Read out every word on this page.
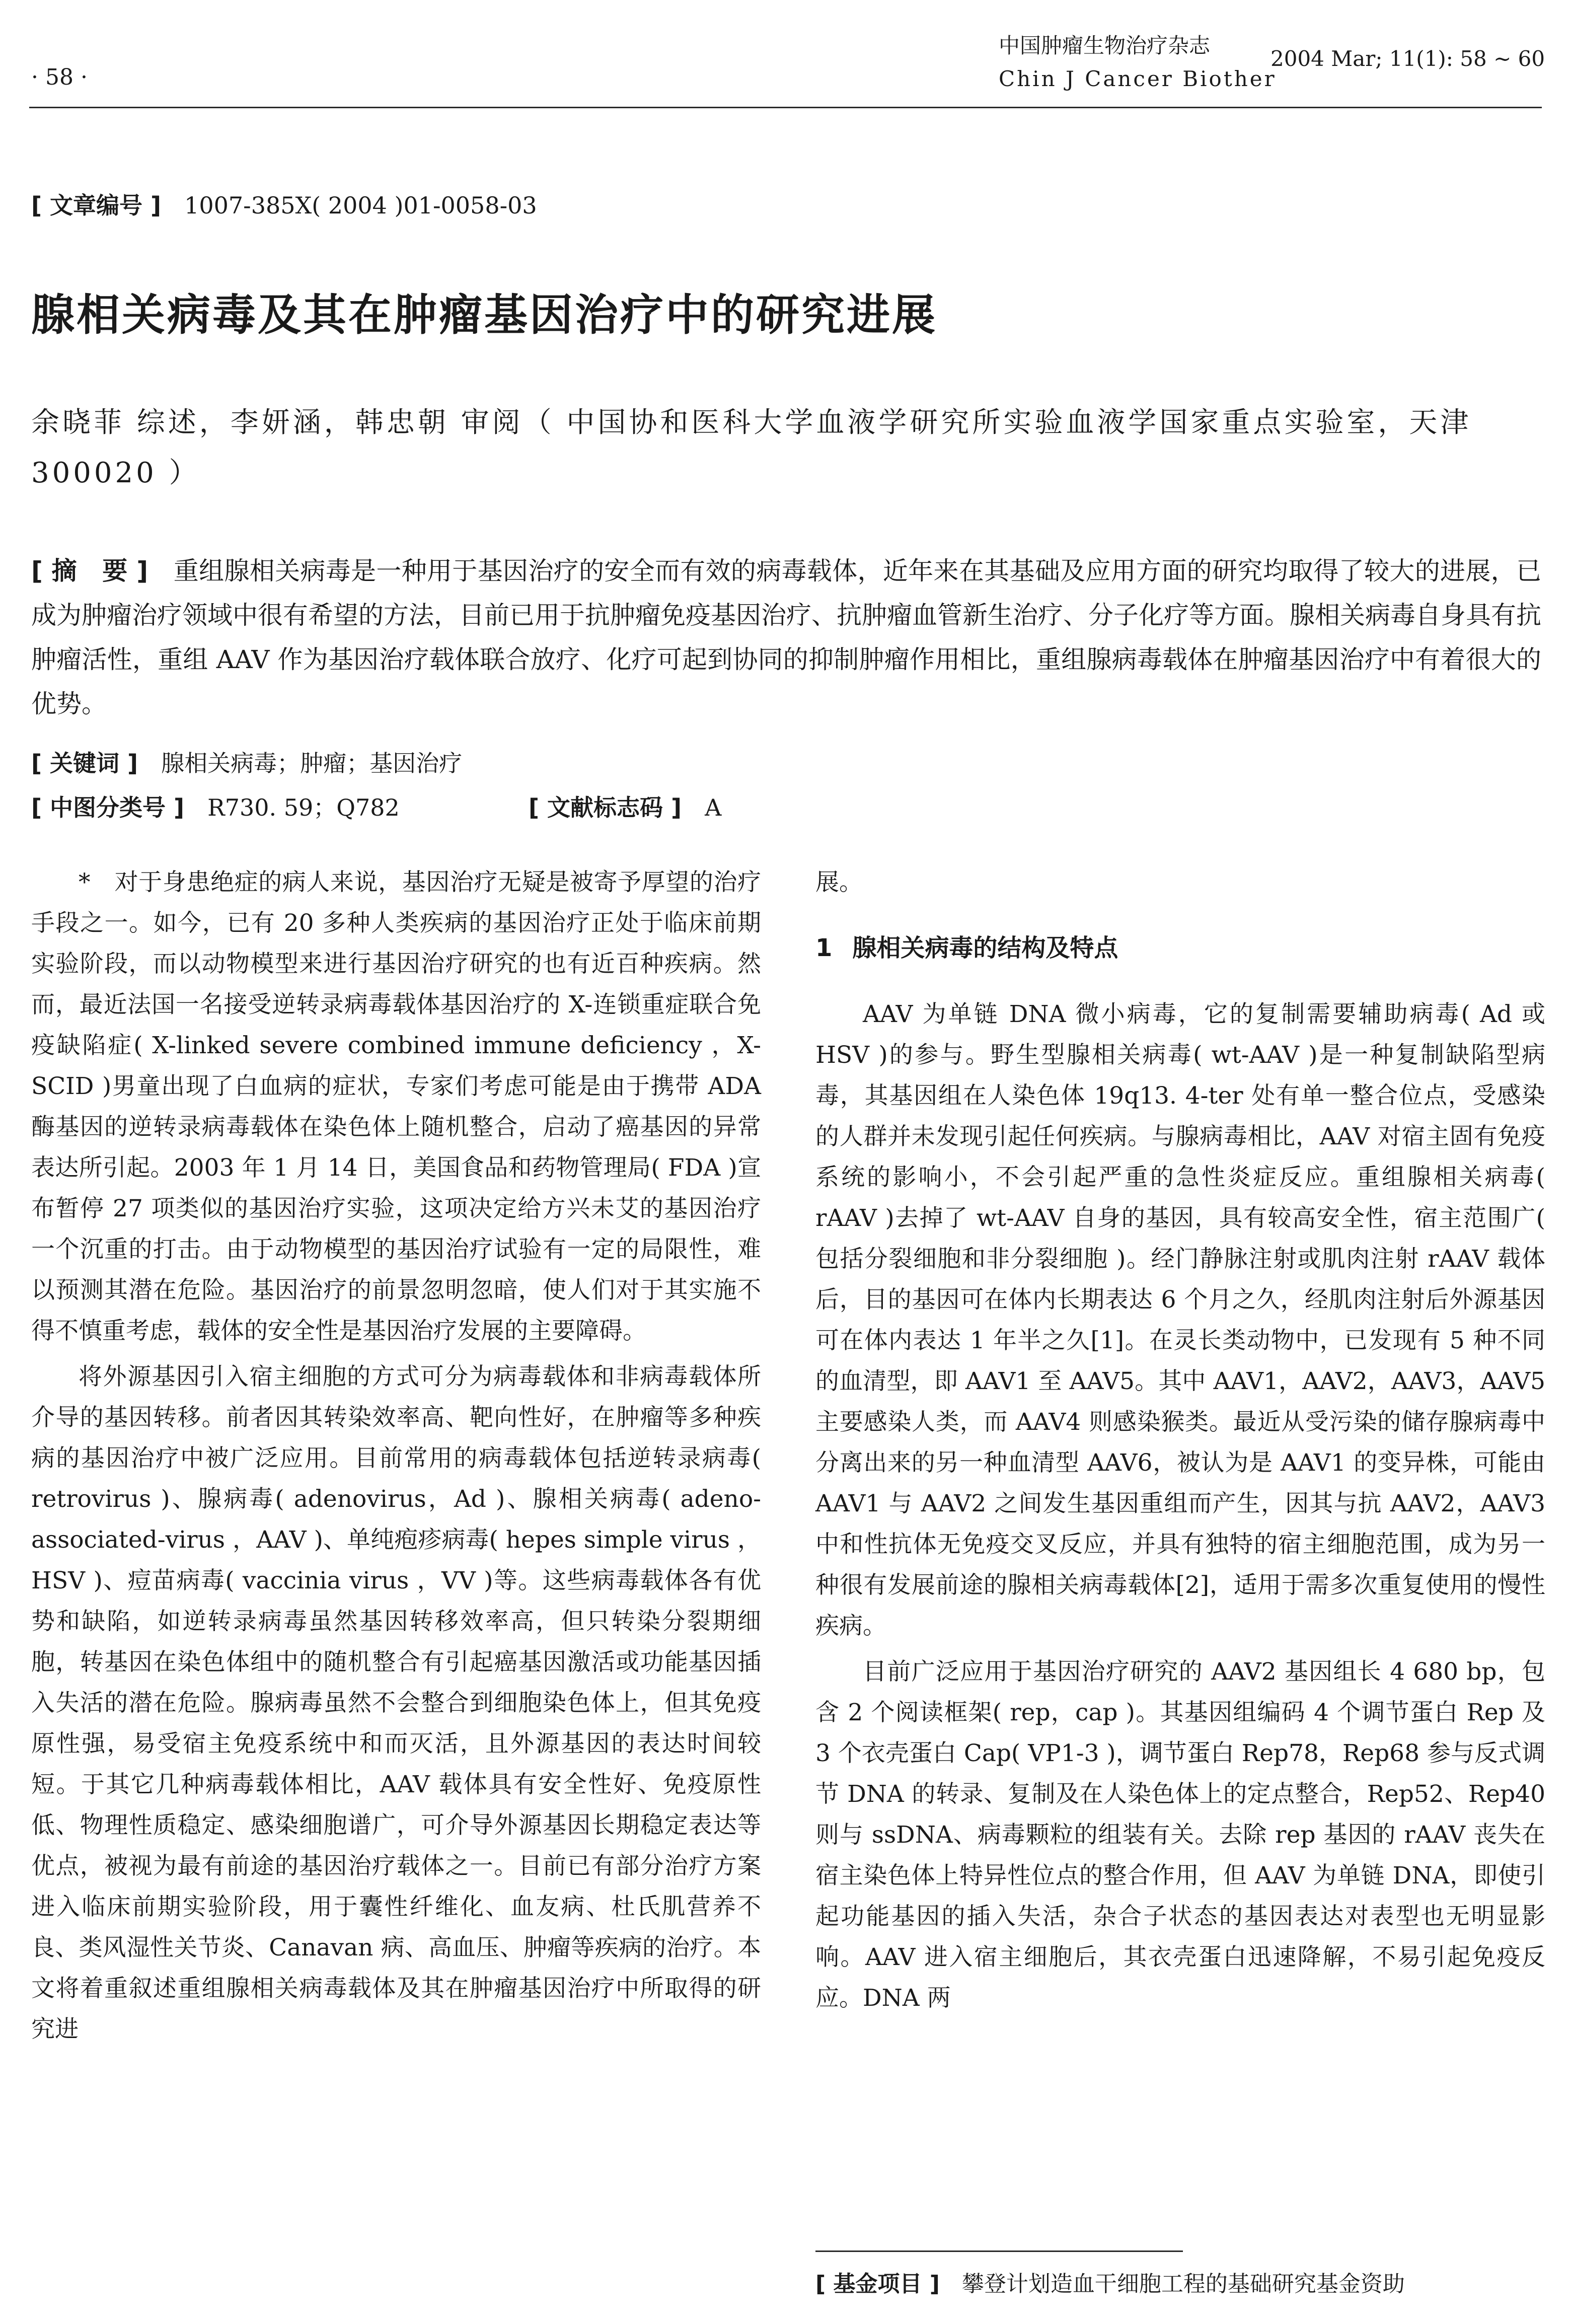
· 58 ·
中国肿瘤生物治疗杂志
Chin J Cancer Biother
2004 Mar; 11(1): 58 ~ 60
[ 文章编号 ]　 1007-385X( 2004 )01-0058-03
腺相关病毒及其在肿瘤基因治疗中的研究进展
余晓菲 综述，李妍涵，韩忠朝 审阅（ 中国协和医科大学血液学研究所实验血液学国家重点实验室，天津 300020 ）
[ 摘　要 ]　 重组腺相关病毒是一种用于基因治疗的安全而有效的病毒载体，近年来在其基础及应用方面的研究均取得了较大的进展，已成为肿瘤治疗领域中很有希望的方法，目前已用于抗肿瘤免疫基因治疗、抗肿瘤血管新生治疗、分子化疗等方面。腺相关病毒自身具有抗肿瘤活性，重组 AAV 作为基因治疗载体联合放疗、化疗可起到协同的抑制肿瘤作用相比，重组腺病毒载体在肿瘤基因治疗中有着很大的优势。
[ 关键词 ]　 腺相关病毒；肿瘤；基因治疗
[ 中图分类号 ]　 R730. 59；Q782	[ 文献标志码 ]　 A

*　对于身患绝症的病人来说，基因治疗无疑是被寄予厚望的治疗手段之一。如今，已有 20 多种人类疾病的基因治疗正处于临床前期实验阶段，而以动物模型来进行基因治疗研究的也有近百种疾病。然而，最近法国一名接受逆转录病毒载体基因治疗的 X-连锁重症联合免疫缺陷症( X-linked severe combined immune deficiency ，X-SCID )男童出现了白血病的症状，专家们考虑可能是由于携带 ADA 酶基因的逆转录病毒载体在染色体上随机整合，启动了癌基因的异常表达所引起。2003 年 1 月 14 日，美国食品和药物管理局( FDA )宣布暂停 27 项类似的基因治疗实验，这项决定给方兴未艾的基因治疗一个沉重的打击。由于动物模型的基因治疗试验有一定的局限性，难以预测其潜在危险。基因治疗的前景忽明忽暗，使人们对于其实施不得不慎重考虑，载体的安全性是基因治疗发展的主要障碍。

将外源基因引入宿主细胞的方式可分为病毒载体和非病毒载体所介导的基因转移。前者因其转染效率高、靶向性好，在肿瘤等多种疾病的基因治疗中被广泛应用。目前常用的病毒载体包括逆转录病毒( retrovirus )、腺病毒( adenovirus，Ad )、腺相关病毒( adeno-associated-virus ，AAV )、单纯疱疹病毒( hepes simple virus ，HSV )、痘苗病毒( vaccinia virus ，VV )等。这些病毒载体各有优势和缺陷，如逆转录病毒虽然基因转移效率高，但只转染分裂期细胞，转基因在染色体组中的随机整合有引起癌基因激活或功能基因插入失活的潜在危险。腺病毒虽然不会整合到细胞染色体上，但其免疫原性强，易受宿主免疫系统中和而灭活，且外源基因的表达时间较短。于其它几种病毒载体相比，AAV 载体具有安全性好、免疫原性低、物理性质稳定、感染细胞谱广，可介导外源基因长期稳定表达等优点，被视为最有前途的基因治疗载体之一。目前已有部分治疗方案进入临床前期实验阶段，用于囊性纤维化、血友病、杜氏肌营养不良、类风湿性关节炎、Canavan 病、高血压、肿瘤等疾病的治疗。本文将着重叙述重组腺相关病毒载体及其在肿瘤基因治疗中所取得的研究进

展。

1 腺相关病毒的结构及特点

AAV 为单链 DNA 微小病毒，它的复制需要辅助病毒( Ad 或 HSV )的参与。野生型腺相关病毒( wt-AAV )是一种复制缺陷型病毒，其基因组在人染色体 19q13. 4-ter 处有单一整合位点，受感染的人群并未发现引起任何疾病。与腺病毒相比，AAV 对宿主固有免疫系统的影响小，不会引起严重的急性炎症反应。重组腺相关病毒( rAAV )去掉了 wt-AAV 自身的基因，具有较高安全性，宿主范围广( 包括分裂细胞和非分裂细胞 )。经门静脉注射或肌肉注射 rAAV 载体后，目的基因可在体内长期表达 6 个月之久，经肌肉注射后外源基因可在体内表达 1 年半之久[1]。在灵长类动物中，已发现有 5 种不同的血清型，即 AAV1 至 AAV5。其中 AAV1，AAV2，AAV3，AAV5 主要感染人类，而 AAV4 则感染猴类。最近从受污染的储存腺病毒中分离出来的另一种血清型 AAV6，被认为是 AAV1 的变异株，可能由 AAV1 与 AAV2 之间发生基因重组而产生，因其与抗 AAV2，AAV3 中和性抗体无免疫交叉反应，并具有独特的宿主细胞范围，成为另一种很有发展前途的腺相关病毒载体[2]，适用于需多次重复使用的慢性疾病。

目前广泛应用于基因治疗研究的 AAV2 基因组长 4 680 bp，包含 2 个阅读框架( rep，cap )。其基因组编码 4 个调节蛋白 Rep 及 3 个衣壳蛋白 Cap( VP1-3 )，调节蛋白 Rep78，Rep68 参与反式调节 DNA 的转录、复制及在人染色体上的定点整合，Rep52、Rep40 则与 ssDNA、病毒颗粒的组装有关。去除 rep 基因的 rAAV 丧失在宿主染色体上特异性位点的整合作用，但 AAV 为单链 DNA，即使引起功能基因的插入失活，杂合子状态的基因表达对表型也无明显影响。AAV 进入宿主细胞后，其衣壳蛋白迅速降解，不易引起免疫反应。DNA 两

[ 基金项目 ]　 攀登计划造血干细胞工程的基础研究基金资助
